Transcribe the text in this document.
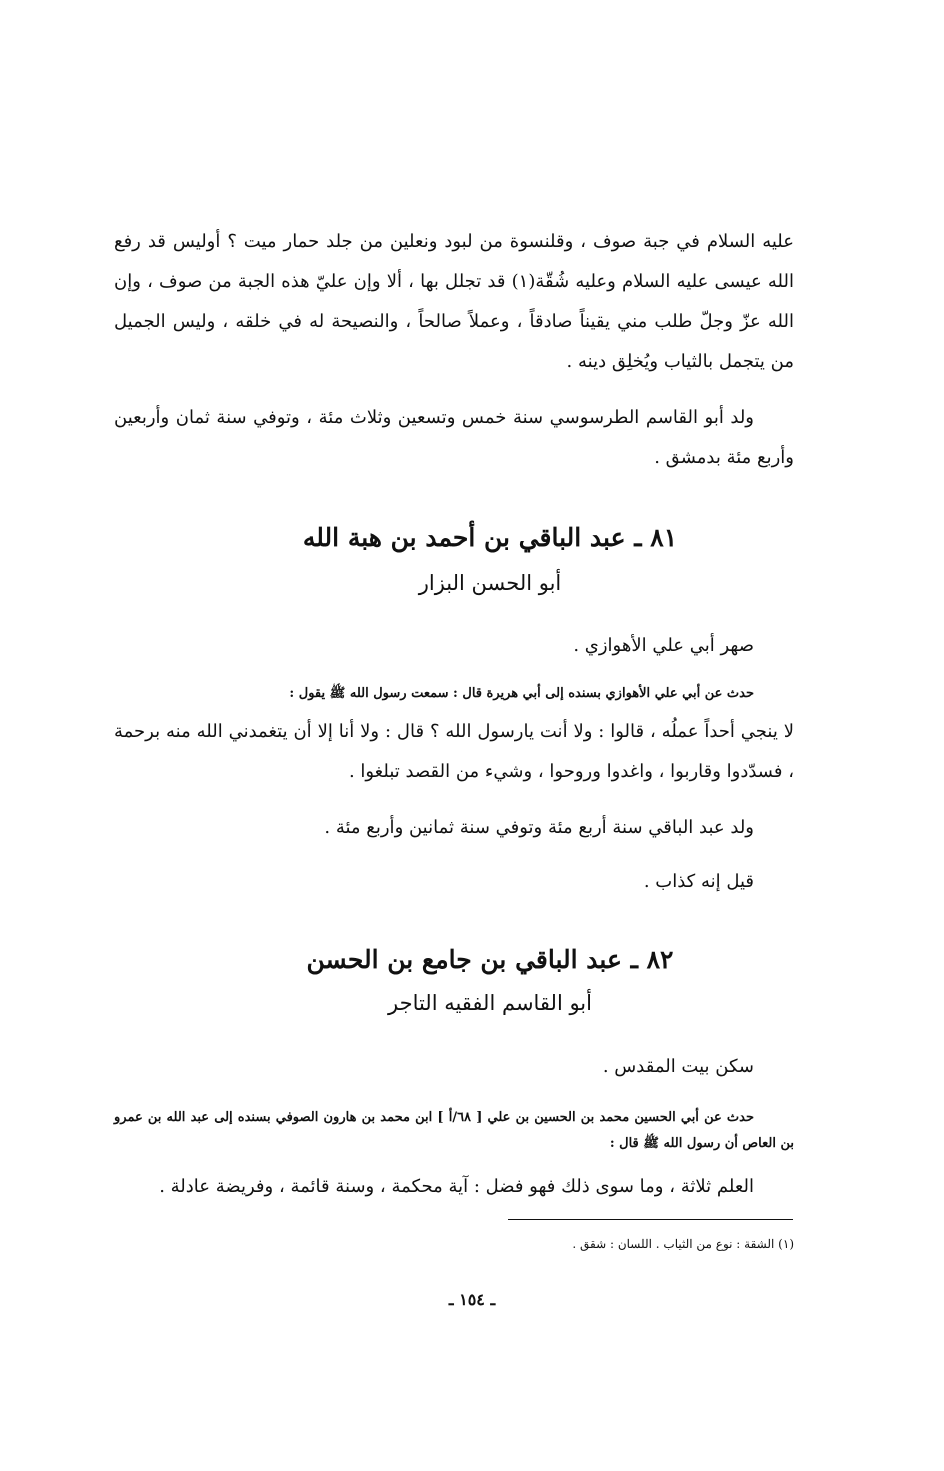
عليه السلام في جبة صوف ، وقلنسوة من لبود ونعلين من جلد حمار ميت ؟ أوليس قد رفع الله عيسى عليه السلام وعليه شُقّة(١) قد تجلل بها ، ألا وإن عليّ هذه الجبة من صوف ، وإن الله عزّ وجلّ طلب مني يقيناً صادقاً ، وعملاً صالحاً ، والنصيحة له في خلقه ، وليس الجميل من يتجمل بالثياب ويُخلِق دينه .
ولد أبو القاسم الطرسوسي سنة خمس وتسعين وثلاث مئة ، وتوفي سنة ثمان وأربعين وأربع مئة بدمشق .
٨١ ـ عبد الباقي بن أحمد بن هبة الله
أبو الحسن البزار
صهر أبي علي الأهوازي .
حدث عن أبي علي الأهوازي بسنده إلى أبي هريرة قال : سمعت رسول الله ﷺ يقول :
لا ينجي أحداً عملُه ، قالوا : ولا أنت يارسول الله ؟ قال : ولا أنا إلا أن يتغمدني الله منه برحمة ، فسدّدوا وقاربوا ، واغدوا وروحوا ، وشيء من القصد تبلغوا .
ولد عبد الباقي سنة أربع مئة وتوفي سنة ثمانين وأربع مئة .
قيل إنه كذاب .
٨٢ ـ عبد الباقي بن جامع بن الحسن
أبو القاسم الفقيه التاجر
سكن بيت المقدس .
حدث عن أبي الحسين محمد بن الحسين بن علي [ ٦٨/أ ] ابن محمد بن هارون الصوفي بسنده إلى عبد الله بن عمرو بن العاص أن رسول الله ﷺ قال :
العلم ثلاثة ، وما سوى ذلك فهو فضل : آية محكمة ، وسنة قائمة ، وفريضة عادلة .
(١) الشقة : نوع من الثياب . اللسان : شقق .
ـ ١٥٤ ـ
